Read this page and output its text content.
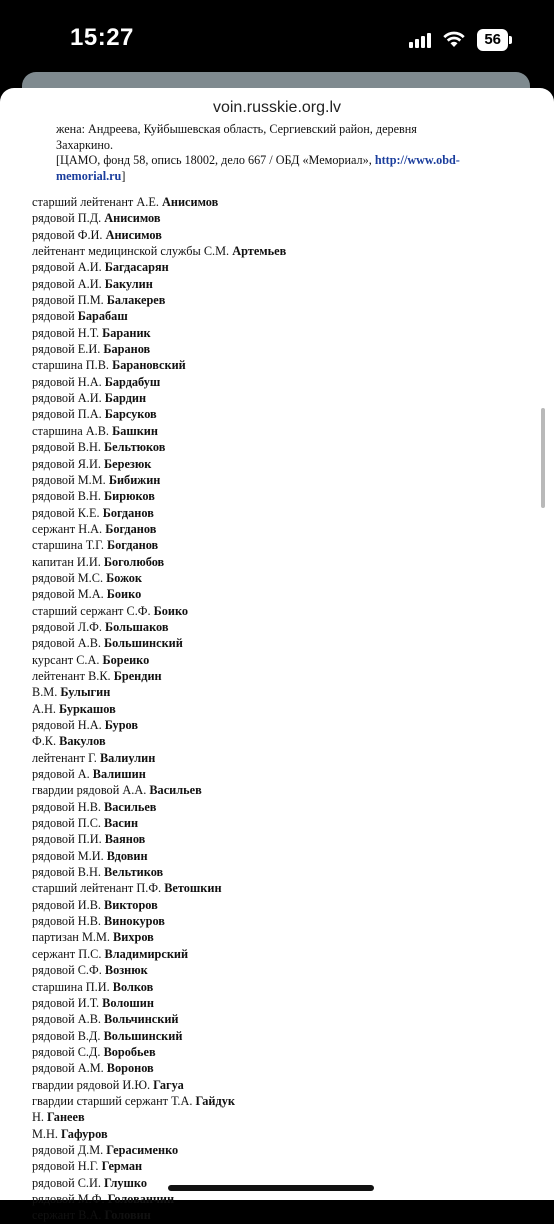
15:27	56
voin.russkie.org.lv
жена: Андреева, Куйбышевская область, Сергиевский район, деревня Захаркино.
[ЦАМО, фонд 58, опись 18002, дело 667 / ОБД «Мемориал», http://www.obd-
memorial.ru]
старший лейтенант А.Е. Анисимов
рядовой П.Д. Анисимов
рядовой Ф.И. Анисимов
лейтенант медицинской службы С.М. Артемьев
рядовой А.И. Багдасарян
рядовой А.И. Бакулин
рядовой П.М. Балакерев
рядовой Барабаш
рядовой Н.Т. Бараник
рядовой Е.И. Баранов
старшина П.В. Барановский
рядовой Н.А. Бардабуш
рядовой А.И. Бардин
рядовой П.А. Барсуков
старшина А.В. Башкин
рядовой В.Н. Бельтюков
рядовой Я.И. Березюк
рядовой М.М. Бибижин
рядовой В.Н. Бирюков
рядовой К.Е. Богданов
сержант Н.А. Богданов
старшина Т.Г. Богданов
капитан И.И. Боголюбов
рядовой М.С. Божок
рядовой М.А. Боико
старший сержант С.Ф. Боико
рядовой Л.Ф. Большаков
рядовой А.В. Большинский
курсант С.А. Бореико
лейтенант В.К. Брендин
В.М. Булыгин
А.Н. Буркашов
рядовой Н.А. Буров
Ф.К. Вакулов
лейтенант Г. Валиулин
рядовой А. Валишин
гвардии рядовой А.А. Васильев
рядовой Н.В. Васильев
рядовой П.С. Васин
рядовой П.И. Ваянов
рядовой М.И. Вдовин
рядовой В.Н. Вельтиков
старший лейтенант П.Ф. Ветошкин
рядовой И.В. Викторов
рядовой Н.В. Винокуров
партизан М.М. Вихров
сержант П.С. Владимирский
рядовой С.Ф. Вознюк
старшина П.И. Волков
рядовой И.Т. Волошин
рядовой А.В. Вольчинский
рядовой В.Д. Вольшинский
рядовой С.Д. Воробьев
рядовой А.М. Воронов
гвардии рядовой И.Ю. Гагуа
гвардии старший сержант Т.А. Гайдук
Н. Ганеев
М.Н. Гафуров
рядовой Д.М. Герасименко
рядовой Н.Г. Герман
рядовой С.И. Глушко
рядовой М.Ф. Голованчин
сержант В.А. Головин
